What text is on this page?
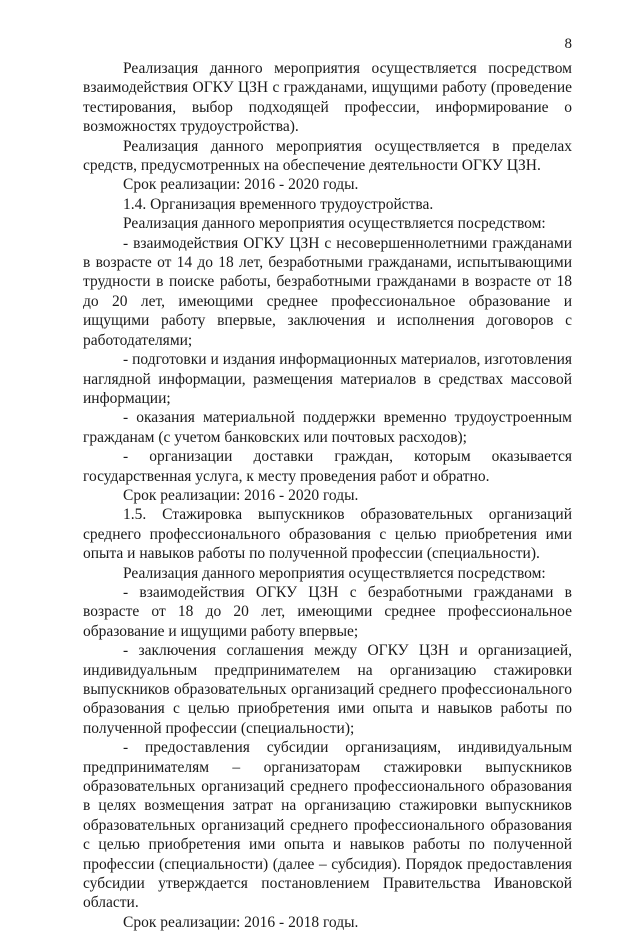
8

Реализация данного мероприятия осуществляется посредством взаимодействия ОГКУ ЦЗН с гражданами, ищущими работу (проведение тестирования, выбор подходящей профессии, информирование о возможностях трудоустройства).

Реализация данного мероприятия осуществляется в пределах средств, предусмотренных на обеспечение деятельности ОГКУ ЦЗН.

Срок реализации: 2016 - 2020 годы.

1.4. Организация временного трудоустройства.

Реализация данного мероприятия осуществляется посредством:

- взаимодействия ОГКУ ЦЗН с несовершеннолетними гражданами в возрасте от 14 до 18 лет, безработными гражданами, испытывающими трудности в поиске работы, безработными гражданами в возрасте от 18 до 20 лет, имеющими среднее профессиональное образование и ищущими работу впервые, заключения и исполнения договоров с работодателями;

- подготовки и издания информационных материалов, изготовления наглядной информации, размещения материалов в средствах массовой информации;

- оказания материальной поддержки временно трудоустроенным гражданам (с учетом банковских или почтовых расходов);

- организации доставки граждан, которым оказывается государственная услуга, к месту проведения работ и обратно.

Срок реализации: 2016 - 2020 годы.

1.5. Стажировка выпускников образовательных организаций среднего профессионального образования с целью приобретения ими опыта и навыков работы по полученной профессии (специальности).

Реализация данного мероприятия осуществляется посредством:

- взаимодействия ОГКУ ЦЗН с безработными гражданами в возрасте от 18 до 20 лет, имеющими среднее профессиональное образование и ищущими работу впервые;

- заключения соглашения между ОГКУ ЦЗН и организацией, индивидуальным предпринимателем на организацию стажировки выпускников образовательных организаций среднего профессионального образования с целью приобретения ими опыта и навыков работы по полученной профессии (специальности);

- предоставления субсидии организациям, индивидуальным предпринимателям – организаторам стажировки выпускников образовательных организаций среднего профессионального образования в целях возмещения затрат на организацию стажировки выпускников образовательных организаций среднего профессионального образования с целью приобретения ими опыта и навыков работы по полученной профессии (специальности) (далее – субсидия). Порядок предоставления субсидии утверждается постановлением Правительства Ивановской области.

Срок реализации: 2016 - 2018 годы.
